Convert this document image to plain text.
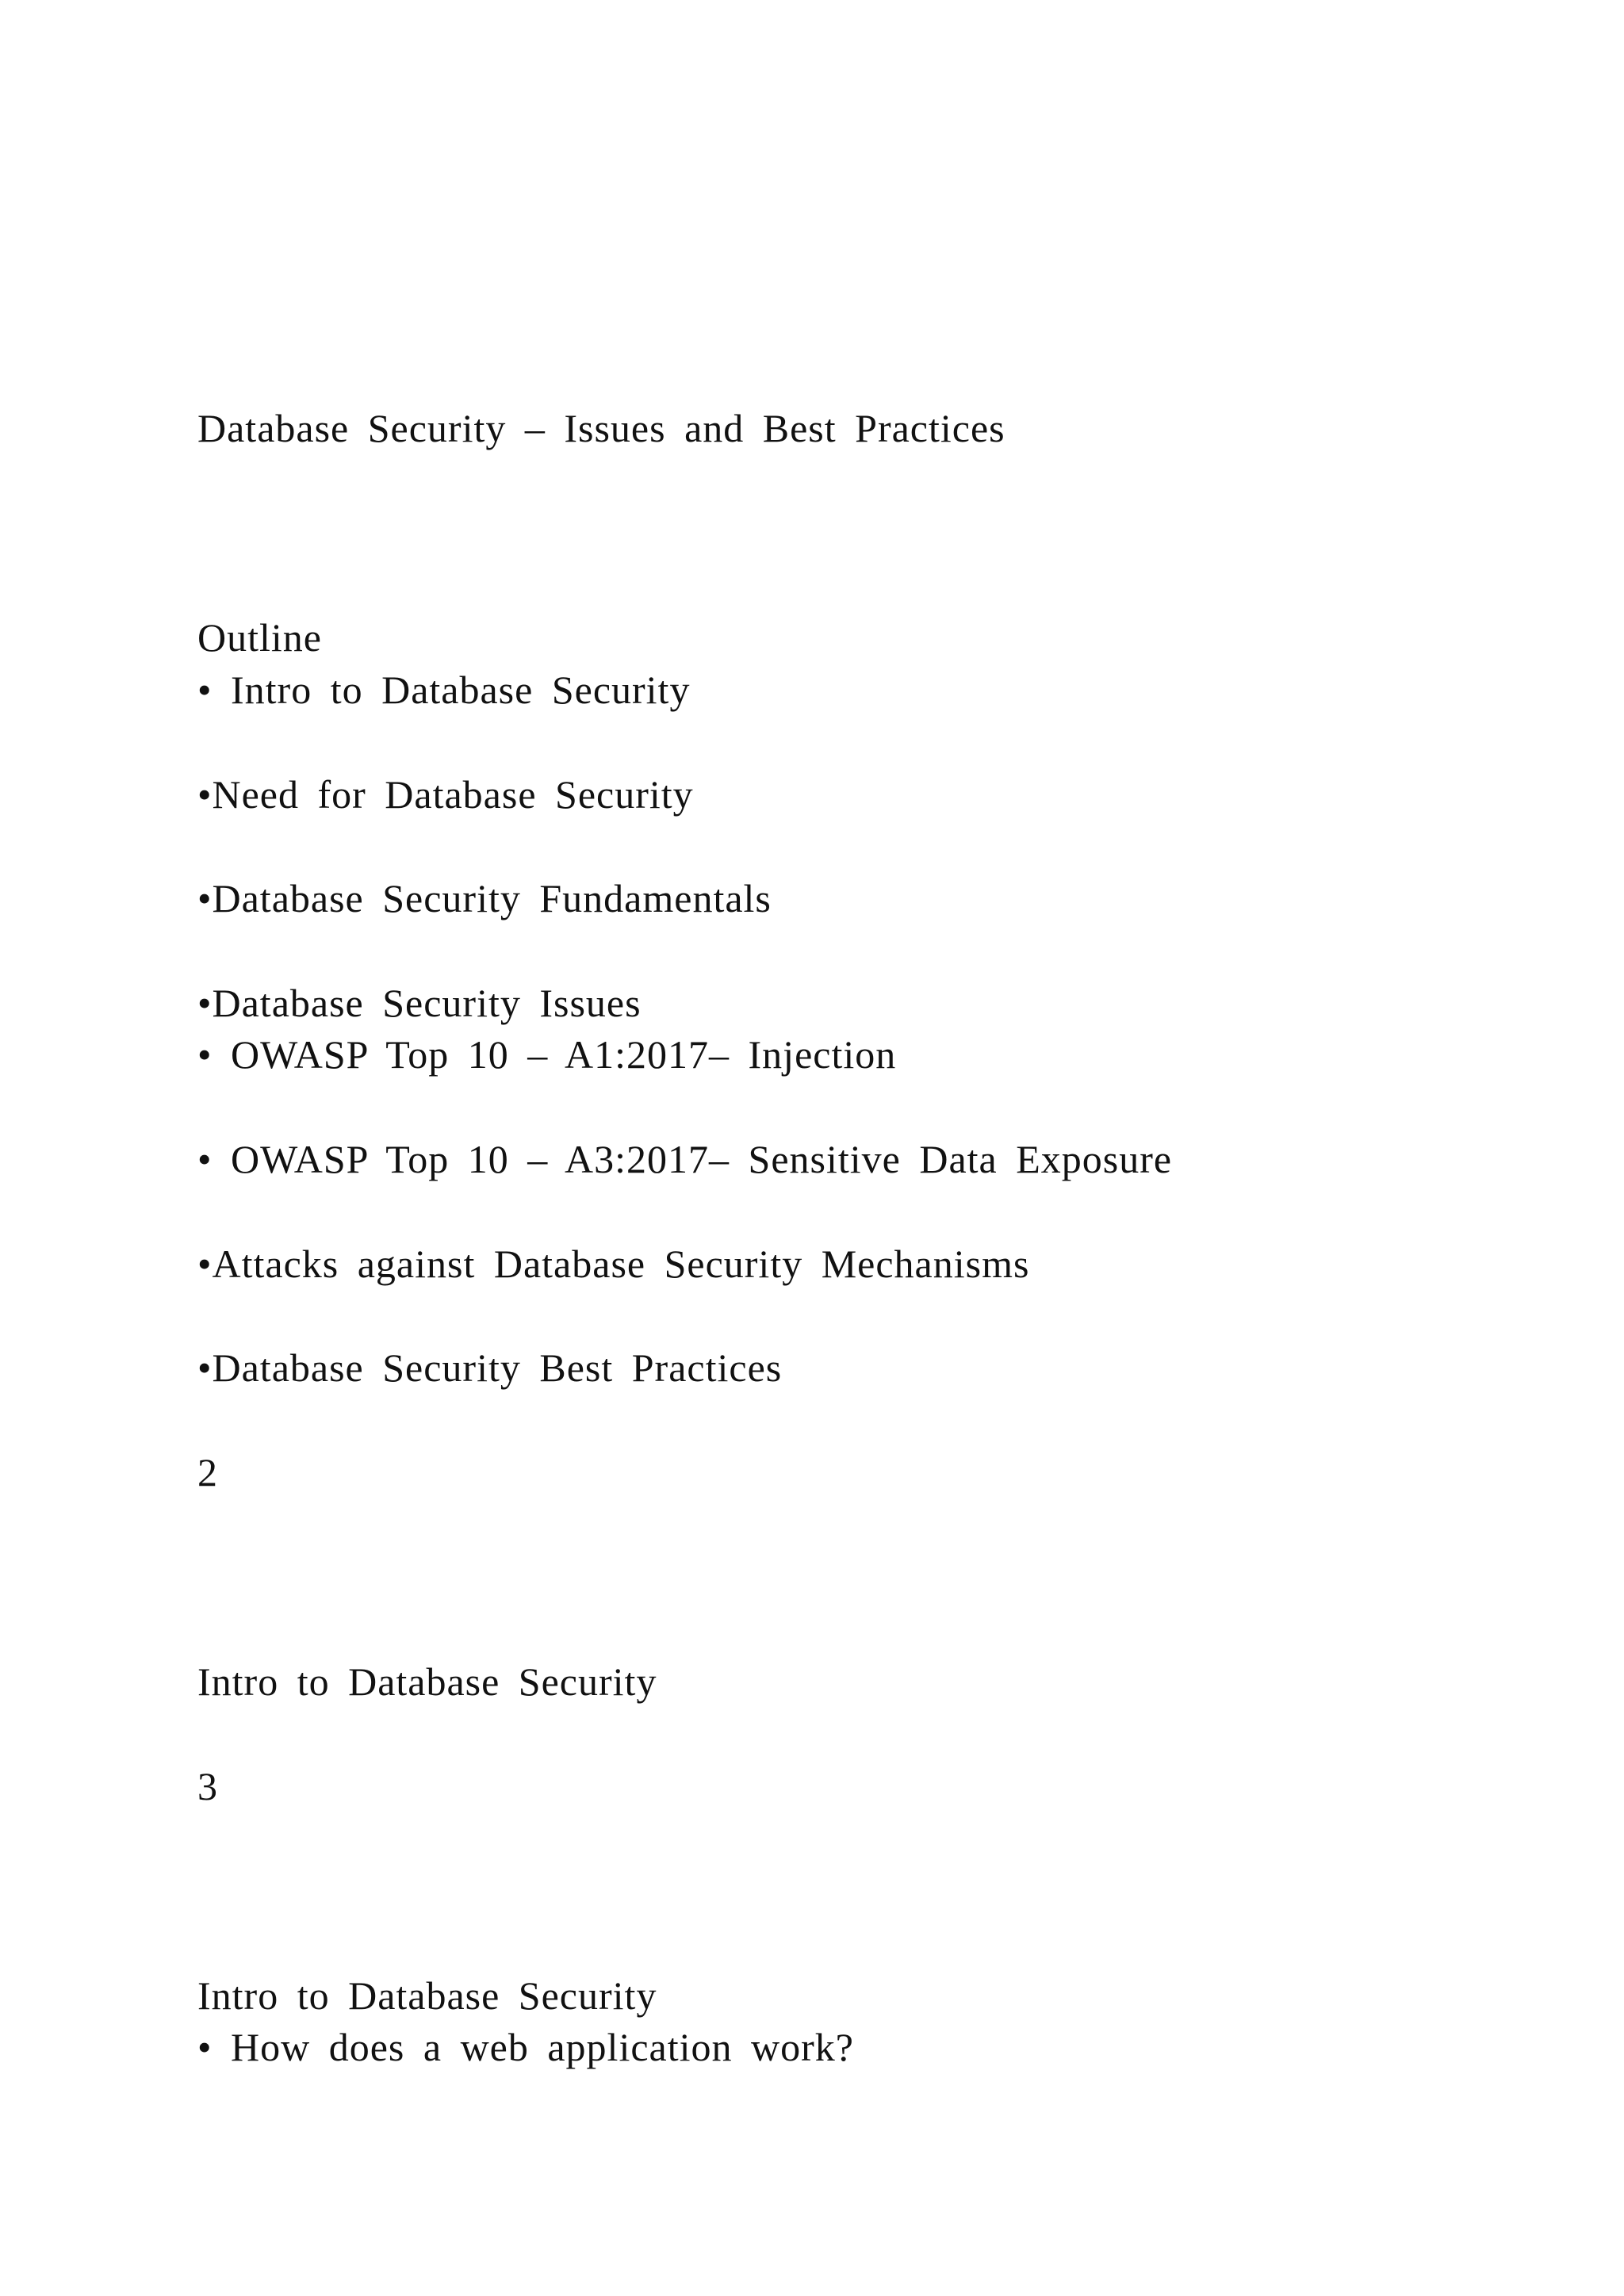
Database Security – Issues and Best Practices
Outline

• Intro to Database Security

•Need for Database Security

•Database Security Fundamentals

•Database Security Issues

• OWASP Top 10 – A1:2017– Injection

• OWASP Top 10 – A3:2017– Sensitive Data Exposure

•Attacks against Database Security Mechanisms

•Database Security Best Practices

2

Intro to Database Security

3

Intro to Database Security

• How does a web application work?
